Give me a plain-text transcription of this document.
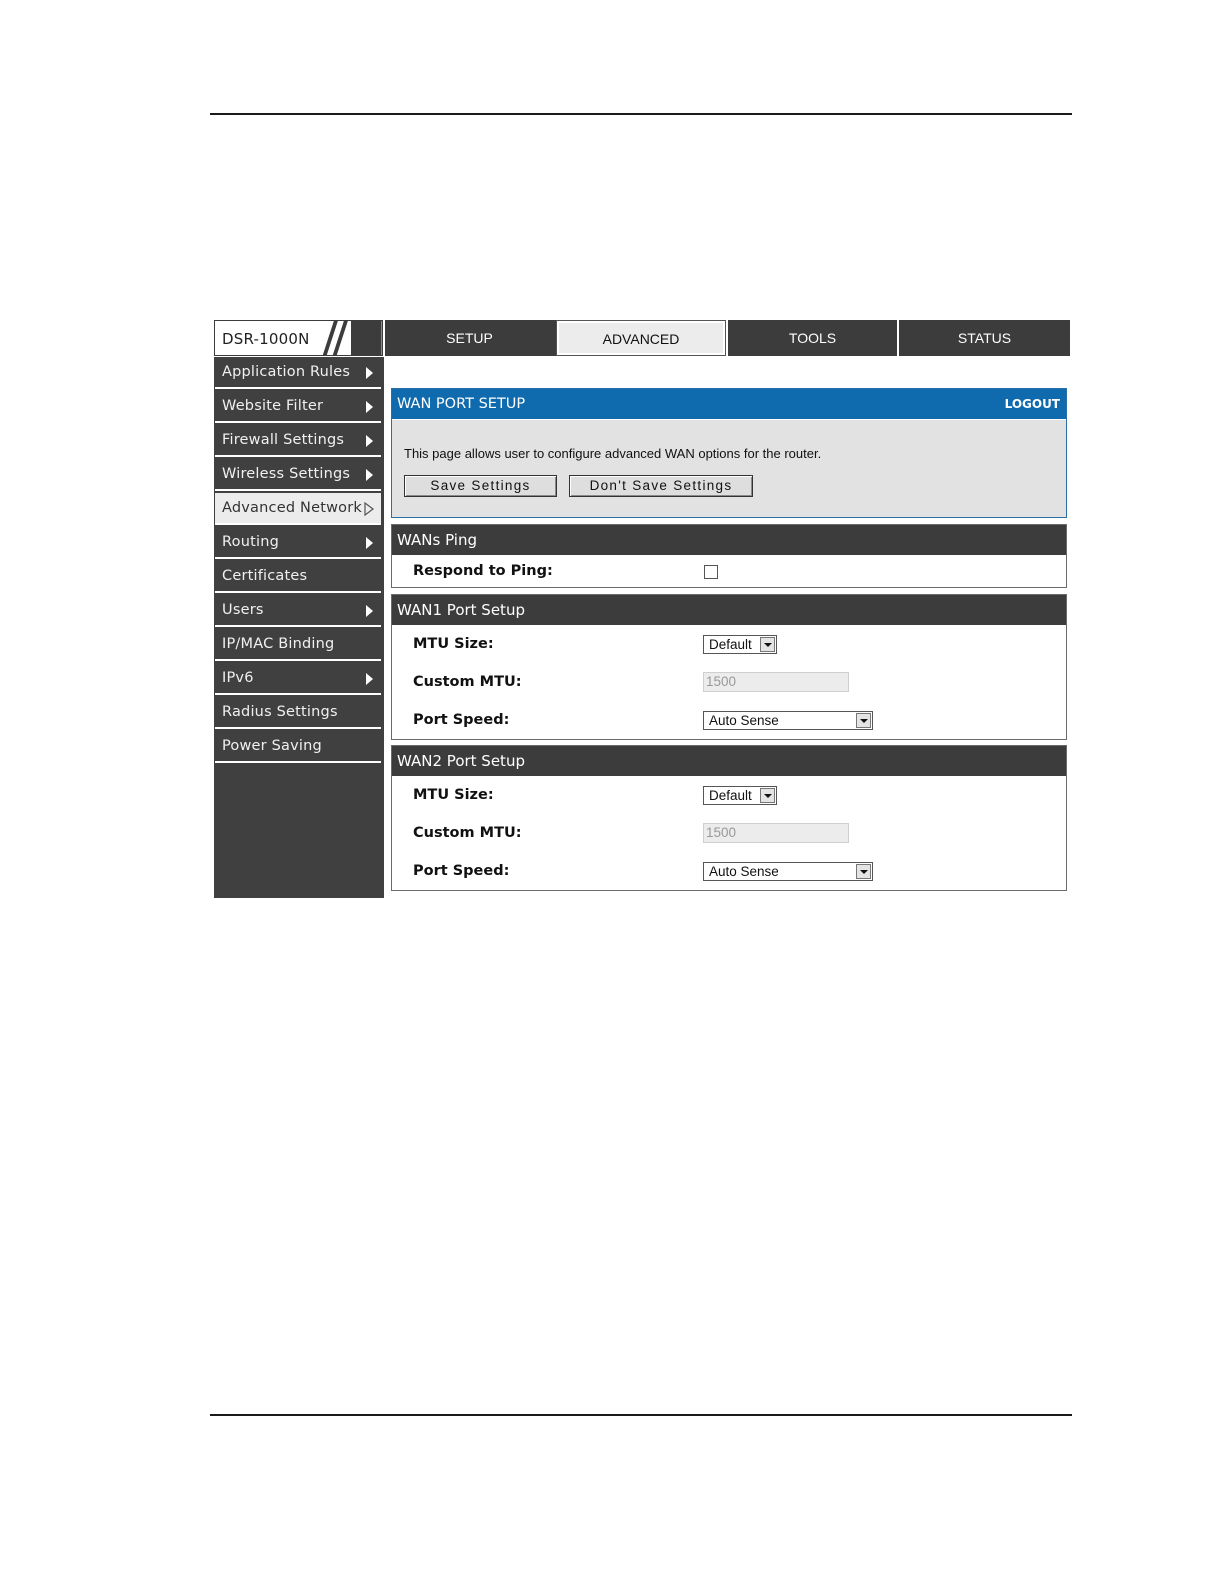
DSR-1000N	SETUP	ADVANCED	TOOLS	STATUS
Application Rules
Website Filter
Firewall Settings
Wireless Settings
Advanced Network
Routing
Certificates
Users
IP/MAC Binding
IPv6
Radius Settings
Power Saving
WAN PORT SETUP	LOGOUT
This page allows user to configure advanced WAN options for the router.
Save Settings	Don't Save Settings
WANs Ping
Respond to Ping:
WAN1 Port Setup
MTU Size:	Default
Custom MTU:	1500
Port Speed:	Auto Sense
WAN2 Port Setup
MTU Size:	Default
Custom MTU:	1500
Port Speed:	Auto Sense
